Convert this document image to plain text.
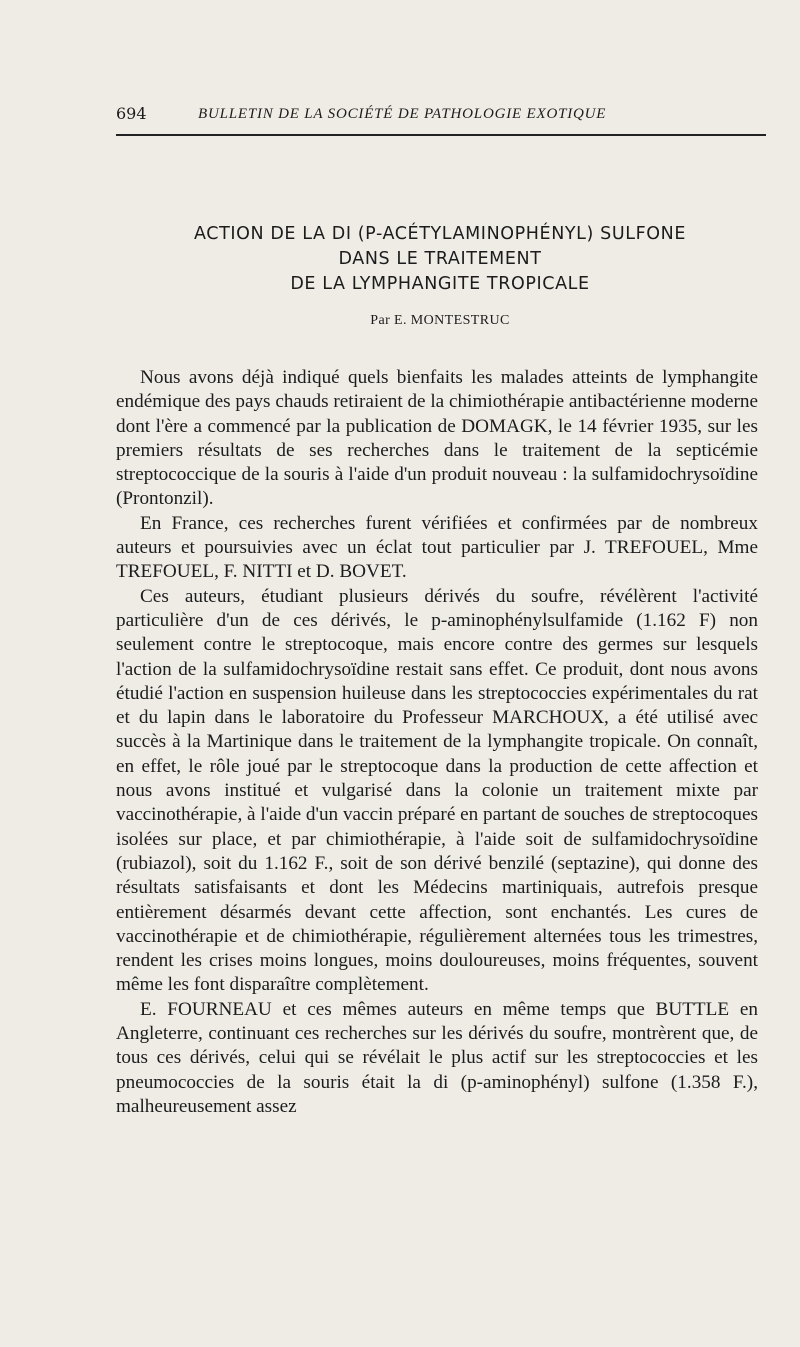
694	BULLETIN DE LA SOCIÉTÉ DE PATHOLOGIE EXOTIQUE
ACTION DE LA DI (P-ACÉTYLAMINOPHÉNYL) SULFONE
DANS LE TRAITEMENT
DE LA LYMPHANGITE TROPICALE
Par E. MONTESTRUC

Nous avons déjà indiqué quels bienfaits les malades atteints de lymphangite endémique des pays chauds retiraient de la chimiothérapie antibactérienne moderne dont l'ère a commencé par la publication de DOMAGK, le 14 février 1935, sur les premiers résultats de ses recherches dans le traitement de la septicémie streptococcique de la souris à l'aide d'un produit nouveau : la sulfamidochrysoïdine (Prontonzil).

En France, ces recherches furent vérifiées et confirmées par de nombreux auteurs et poursuivies avec un éclat tout particulier par J. TREFOUEL, Mme TREFOUEL, F. NITTI et D. BOVET.

Ces auteurs, étudiant plusieurs dérivés du soufre, révélèrent l'activité particulière d'un de ces dérivés, le p-aminophénylsulfamide (1.162 F) non seulement contre le streptocoque, mais encore contre des germes sur lesquels l'action de la sulfamidochrysoïdine restait sans effet. Ce produit, dont nous avons étudié l'action en suspension huileuse dans les streptococcies expérimentales du rat et du lapin dans le laboratoire du Professeur MARCHOUX, a été utilisé avec succès à la Martinique dans le traitement de la lymphangite tropicale. On connaît, en effet, le rôle joué par le streptocoque dans la production de cette affection et nous avons institué et vulgarisé dans la colonie un traitement mixte par vaccinothérapie, à l'aide d'un vaccin préparé en partant de souches de streptocoques isolées sur place, et par chimiothérapie, à l'aide soit de sulfamidochrysoïdine (rubiazol), soit du 1.162 F., soit de son dérivé benzilé (septazine), qui donne des résultats satisfaisants et dont les Médecins martiniquais, autrefois presque entièrement désarmés devant cette affection, sont enchantés. Les cures de vaccinothérapie et de chimiothérapie, régulièrement alternées tous les trimestres, rendent les crises moins longues, moins douloureuses, moins fréquentes, souvent même les font disparaître complètement.

E. FOURNEAU et ces mêmes auteurs en même temps que BUTTLE en Angleterre, continuant ces recherches sur les dérivés du soufre, montrèrent que, de tous ces dérivés, celui qui se révélait le plus actif sur les streptococcies et les pneumococcies de la souris était la di (p-aminophényl) sulfone (1.358 F.), malheureusement assez
